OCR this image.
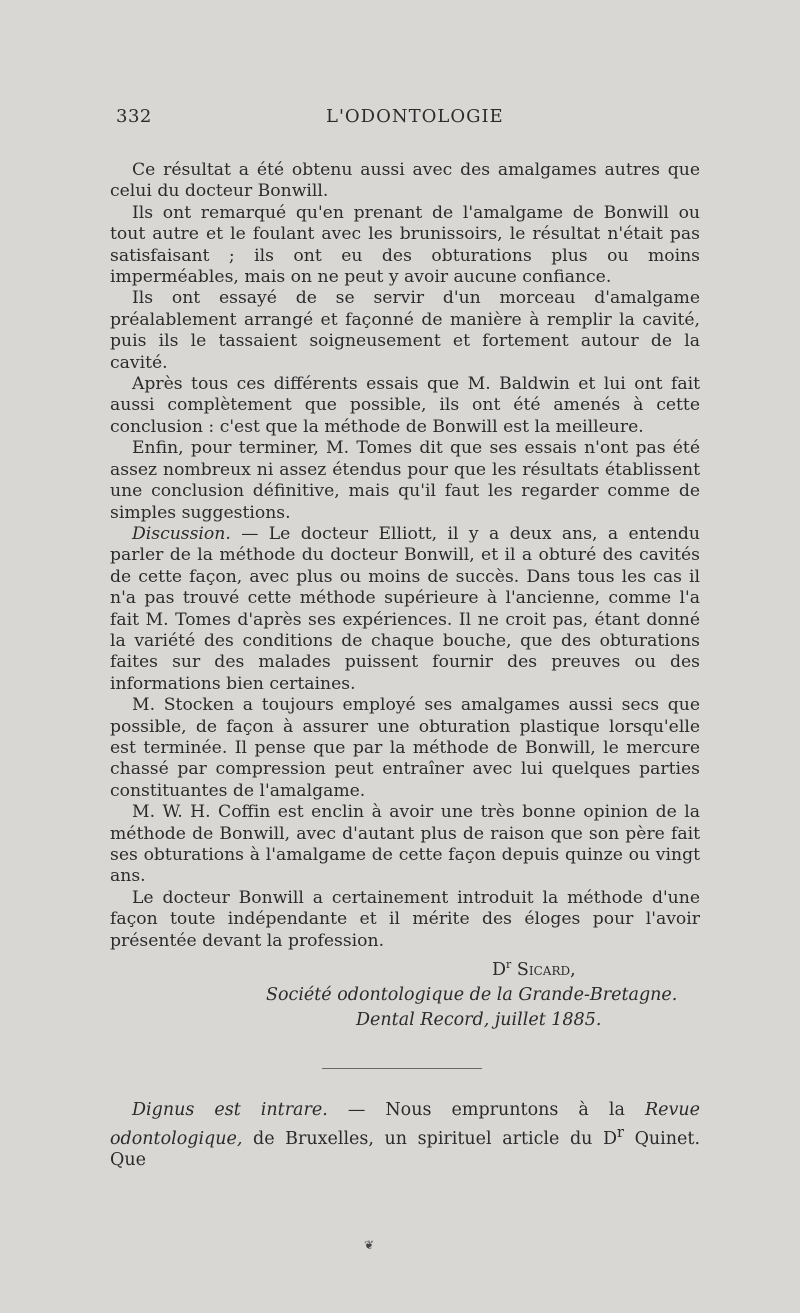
332	L'ODONTOLOGIE

Ce résultat a été obtenu aussi avec des amalgames autres que celui du docteur Bonwill.

Ils ont remarqué qu'en prenant de l'amalgame de Bonwill ou tout autre et le foulant avec les brunissoirs, le résultat n'était pas satisfaisant ; ils ont eu des obturations plus ou moins imperméables, mais on ne peut y avoir aucune confiance.

Ils ont essayé de se servir d'un morceau d'amalgame préalablement arrangé et façonné de manière à remplir la cavité, puis ils le tassaient soigneusement et fortement autour de la cavité.

Après tous ces différents essais que M. Baldwin et lui ont fait aussi complètement que possible, ils ont été amenés à cette conclusion : c'est que la méthode de Bonwill est la meilleure.

Enfin, pour terminer, M. Tomes dit que ses essais n'ont pas été assez nombreux ni assez étendus pour que les résultats établissent une conclusion définitive, mais qu'il faut les regarder comme de simples suggestions.

Discussion. — Le docteur Elliott, il y a deux ans, a entendu parler de la méthode du docteur Bonwill, et il a obturé des cavités de cette façon, avec plus ou moins de succès. Dans tous les cas il n'a pas trouvé cette méthode supérieure à l'ancienne, comme l'a fait M. Tomes d'après ses expériences. Il ne croit pas, étant donné la variété des conditions de chaque bouche, que des obturations faites sur des malades puissent fournir des preuves ou des informations bien certaines.

M. Stocken a toujours employé ses amalgames aussi secs que possible, de façon à assurer une obturation plastique lorsqu'elle est terminée. Il pense que par la méthode de Bonwill, le mercure chassé par compression peut entraîner avec lui quelques parties constituantes de l'amalgame.

M. W. H. Coffin est enclin à avoir une très bonne opinion de la méthode de Bonwill, avec d'autant plus de raison que son père fait ses obturations à l'amalgame de cette façon depuis quinze ou vingt ans.

Le docteur Bonwill a certainement introduit la méthode d'une façon toute indépendante et il mérite des éloges pour l'avoir présentée devant la profession.

$D^r$ Sicard,
Société odontologique de la Grande-Bretagne.
Dental Record, juillet 1885.

Dignus est intrare. — Nous empruntons à la Revue odontologique, de Bruxelles, un spirituel article du $D^r$ Quinet. Que

❦
